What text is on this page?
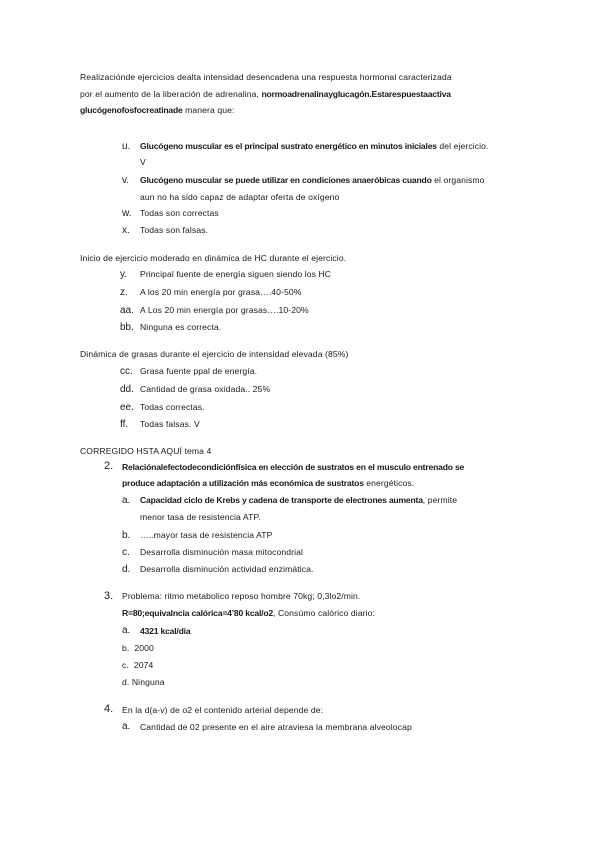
Realizaciónde ejercicios dealta intensidad desencadena una respuesta hormonal caracterizada
por el aumento de la liberación de adrenalina, normoadrenalinayglucagón.Estarespuestaactiva
glucógenofosfocreatinade manera que:
u. Glucógeno muscular es el principal sustrato energético en minutos iniciales del ejercicio.
V
v. Glucógeno muscular se puede utilizar en condiciones anaeróbicas cuando el organismo
aun no ha sido capaz de adaptar oferta de oxígeno
w. Todas son correctas
x. Todas son falsas.
Inicio de ejercicio moderado en dinámica de HC durante el ejercicio.
y. Principal fuente de energía siguen siendo los HC
z. A los 20 min energía por grasa….40-50%
aa. A Los 20 min energía por grasas….10-20%
bb. Ninguna es correcta.
Dinámica de grasas durante el ejercicio de intensidad elevada (85%)
cc. Grasa fuente ppal de energía.
dd. Cantidad de grasa oxidada.. 25%
ee. Todas correctas.
ff. Todas falsas. V
CORREGIDO HSTA AQUÍ tema 4
2. Relaciónalefectodecondiciónfísica en elección de sustratos en el musculo entrenado se
produce adaptación a utilización más económica de sustratos energéticos.
a. Capacidad ciclo de Krebs y cadena de transporte de electrones aumenta, permite
menor tasa de resistencia ATP.
b. …..mayor tasa de resistencia ATP
c. Desarrolla disminución masa mitocondrial
d. Desarrolla disminución actividad enzimática.
3. Problema: ritmo metabolico reposo hombre 70kg; 0,3lo2/min.
R=80;equivalncia calórica=4’80 kcal/o2, Consúmo calórico diario:
a. 4321 kcal/dia
b. 2000
c. 2074
d. Ninguna
4. En la d(a-v) de o2 el contenido arterial depende de:
a. Cantidad de 02 presente en el aire atraviesa la membrana alveolocap
